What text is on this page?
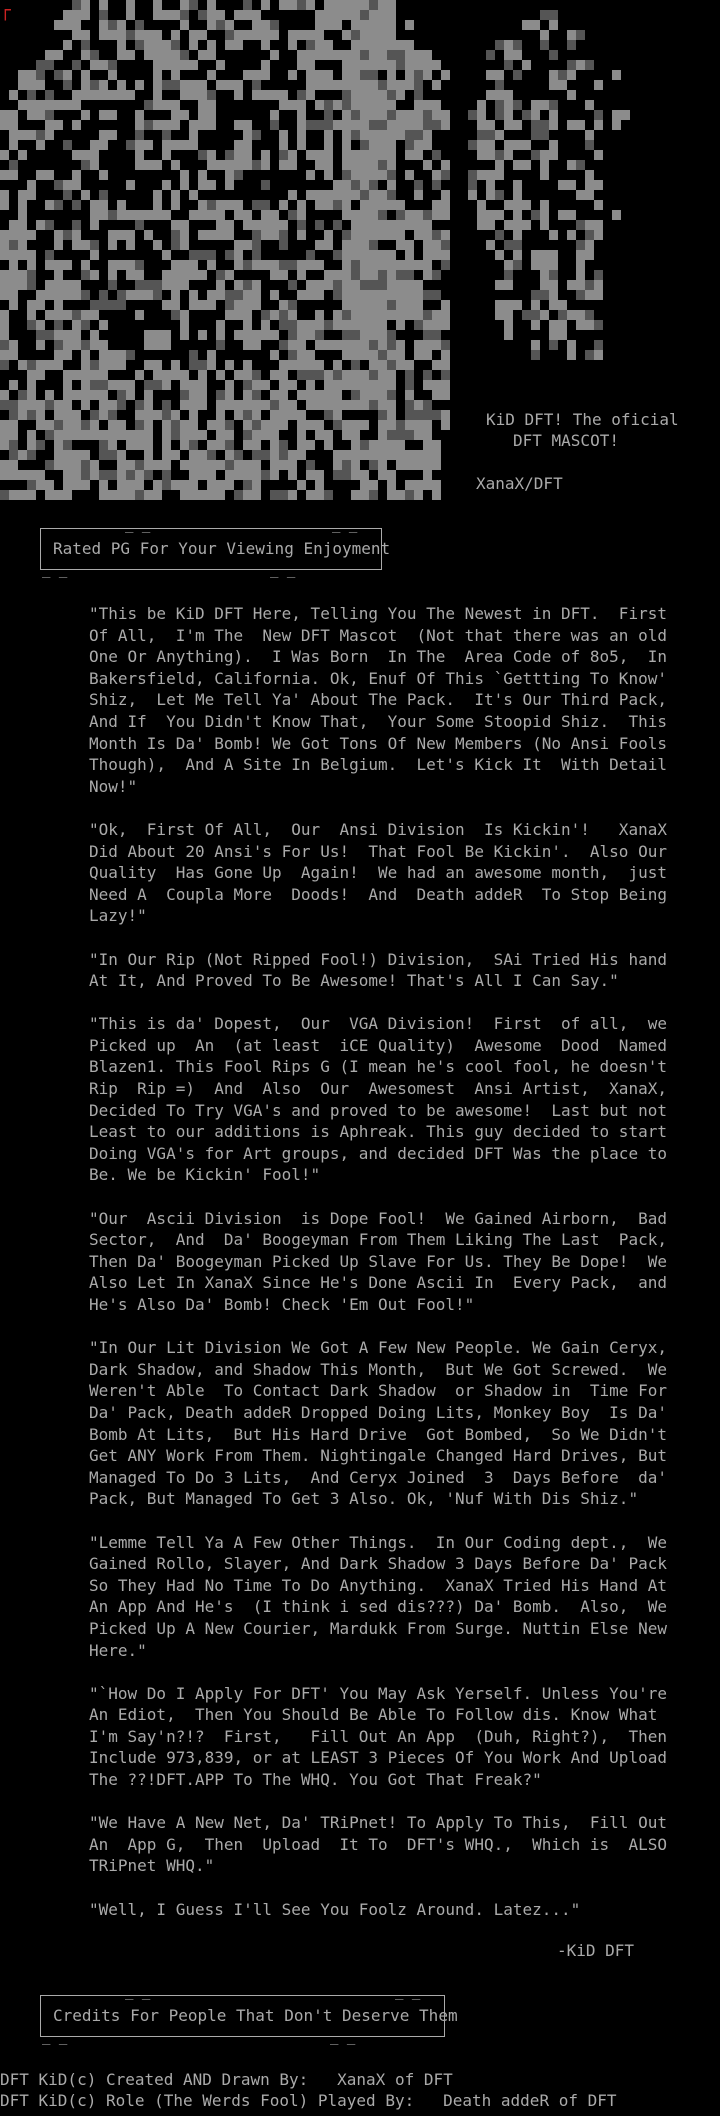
┌
KiD DFT! The oficial
DFT MASCOT!
XanaX/DFT
Rated PG For Your Viewing Enjoyment
_ _	_ _
_ _	_ _
"This be KiD DFT Here, Telling You The Newest in DFT.  First
Of All,  I'm The  New DFT Mascot  (Not that there was an old
One Or Anything).  I Was Born  In The  Area Code of 8o5,  In
Bakersfield, California. Ok, Enuf Of This `Gettting To Know'
Shiz,  Let Me Tell Ya' About The Pack.  It's Our Third Pack,
And If  You Didn't Know That,  Your Some Stoopid Shiz.  This
Month Is Da' Bomb! We Got Tons Of New Members (No Ansi Fools
Though),  And A Site In Belgium.  Let's Kick It  With Detail
Now!"
"Ok,  First Of All,  Our  Ansi Division  Is Kickin'!   XanaX
Did About 20 Ansi's For Us!  That Fool Be Kickin'.  Also Our
Quality  Has Gone Up  Again!  We had an awesome month,  just
Need A  Coupla More  Doods!  And  Death addeR  To Stop Being
Lazy!"
"In Our Rip (Not Ripped Fool!) Division,  SAi Tried His hand
At It, And Proved To Be Awesome! That's All I Can Say."
"This is da' Dopest,  Our  VGA Division!  First  of all,  we
Picked up  An  (at least  iCE Quality)  Awesome  Dood  Named
Blazen1. This Fool Rips G (I mean he's cool fool, he doesn't
Rip  Rip =)  And  Also  Our  Awesomest  Ansi Artist,  XanaX,
Decided To Try VGA's and proved to be awesome!  Last but not
Least to our additions is Aphreak. This guy decided to start
Doing VGA's for Art groups, and decided DFT Was the place to
Be. We be Kickin' Fool!"
"Our  Ascii Division  is Dope Fool!  We Gained Airborn,  Bad
Sector,  And  Da' Boogeyman From Them Liking The Last  Pack,
Then Da' Boogeyman Picked Up Slave For Us. They Be Dope!  We
Also Let In XanaX Since He's Done Ascii In  Every Pack,  and
He's Also Da' Bomb! Check 'Em Out Fool!"
"In Our Lit Division We Got A Few New People. We Gain Ceryx,
Dark Shadow, and Shadow This Month,  But We Got Screwed.  We
Weren't Able  To Contact Dark Shadow  or Shadow in  Time For
Da' Pack, Death addeR Dropped Doing Lits, Monkey Boy  Is Da'
Bomb At Lits,  But His Hard Drive  Got Bombed,  So We Didn't
Get ANY Work From Them. Nightingale Changed Hard Drives, But
Managed To Do 3 Lits,  And Ceryx Joined  3  Days Before  da'
Pack, But Managed To Get 3 Also. Ok, 'Nuf With Dis Shiz."
"Lemme Tell Ya A Few Other Things.  In Our Coding dept.,  We
Gained Rollo, Slayer, And Dark Shadow 3 Days Before Da' Pack
So They Had No Time To Do Anything.  XanaX Tried His Hand At
An App And He's  (I think i sed dis???) Da' Bomb.  Also,  We
Picked Up A New Courier, Mardukk From Surge. Nuttin Else New
Here."
"`How Do I Apply For DFT' You May Ask Yerself. Unless You're
An Ediot,  Then You Should Be Able To Follow dis. Know What
I'm Say'n?!?  First,   Fill Out An App  (Duh, Right?),  Then
Include 973,839, or at LEAST 3 Pieces Of You Work And Upload
The ??!DFT.APP To The WHQ. You Got That Freak?"
"We Have A New Net, Da' TRiPnet! To Apply To This,  Fill Out
An  App G,  Then  Upload  It To  DFT's WHQ.,  Which is  ALSO
TRiPnet WHQ."
"Well, I Guess I'll See You Foolz Around. Latez..."
-KiD DFT
Credits For People That Don't Deserve Them
_ _	_ _
_ _	_ _
DFT KiD(c) Created AND Drawn By:   XanaX of DFT
DFT KiD(c) Role (The Werds Fool) Played By:   Death addeR of DFT
